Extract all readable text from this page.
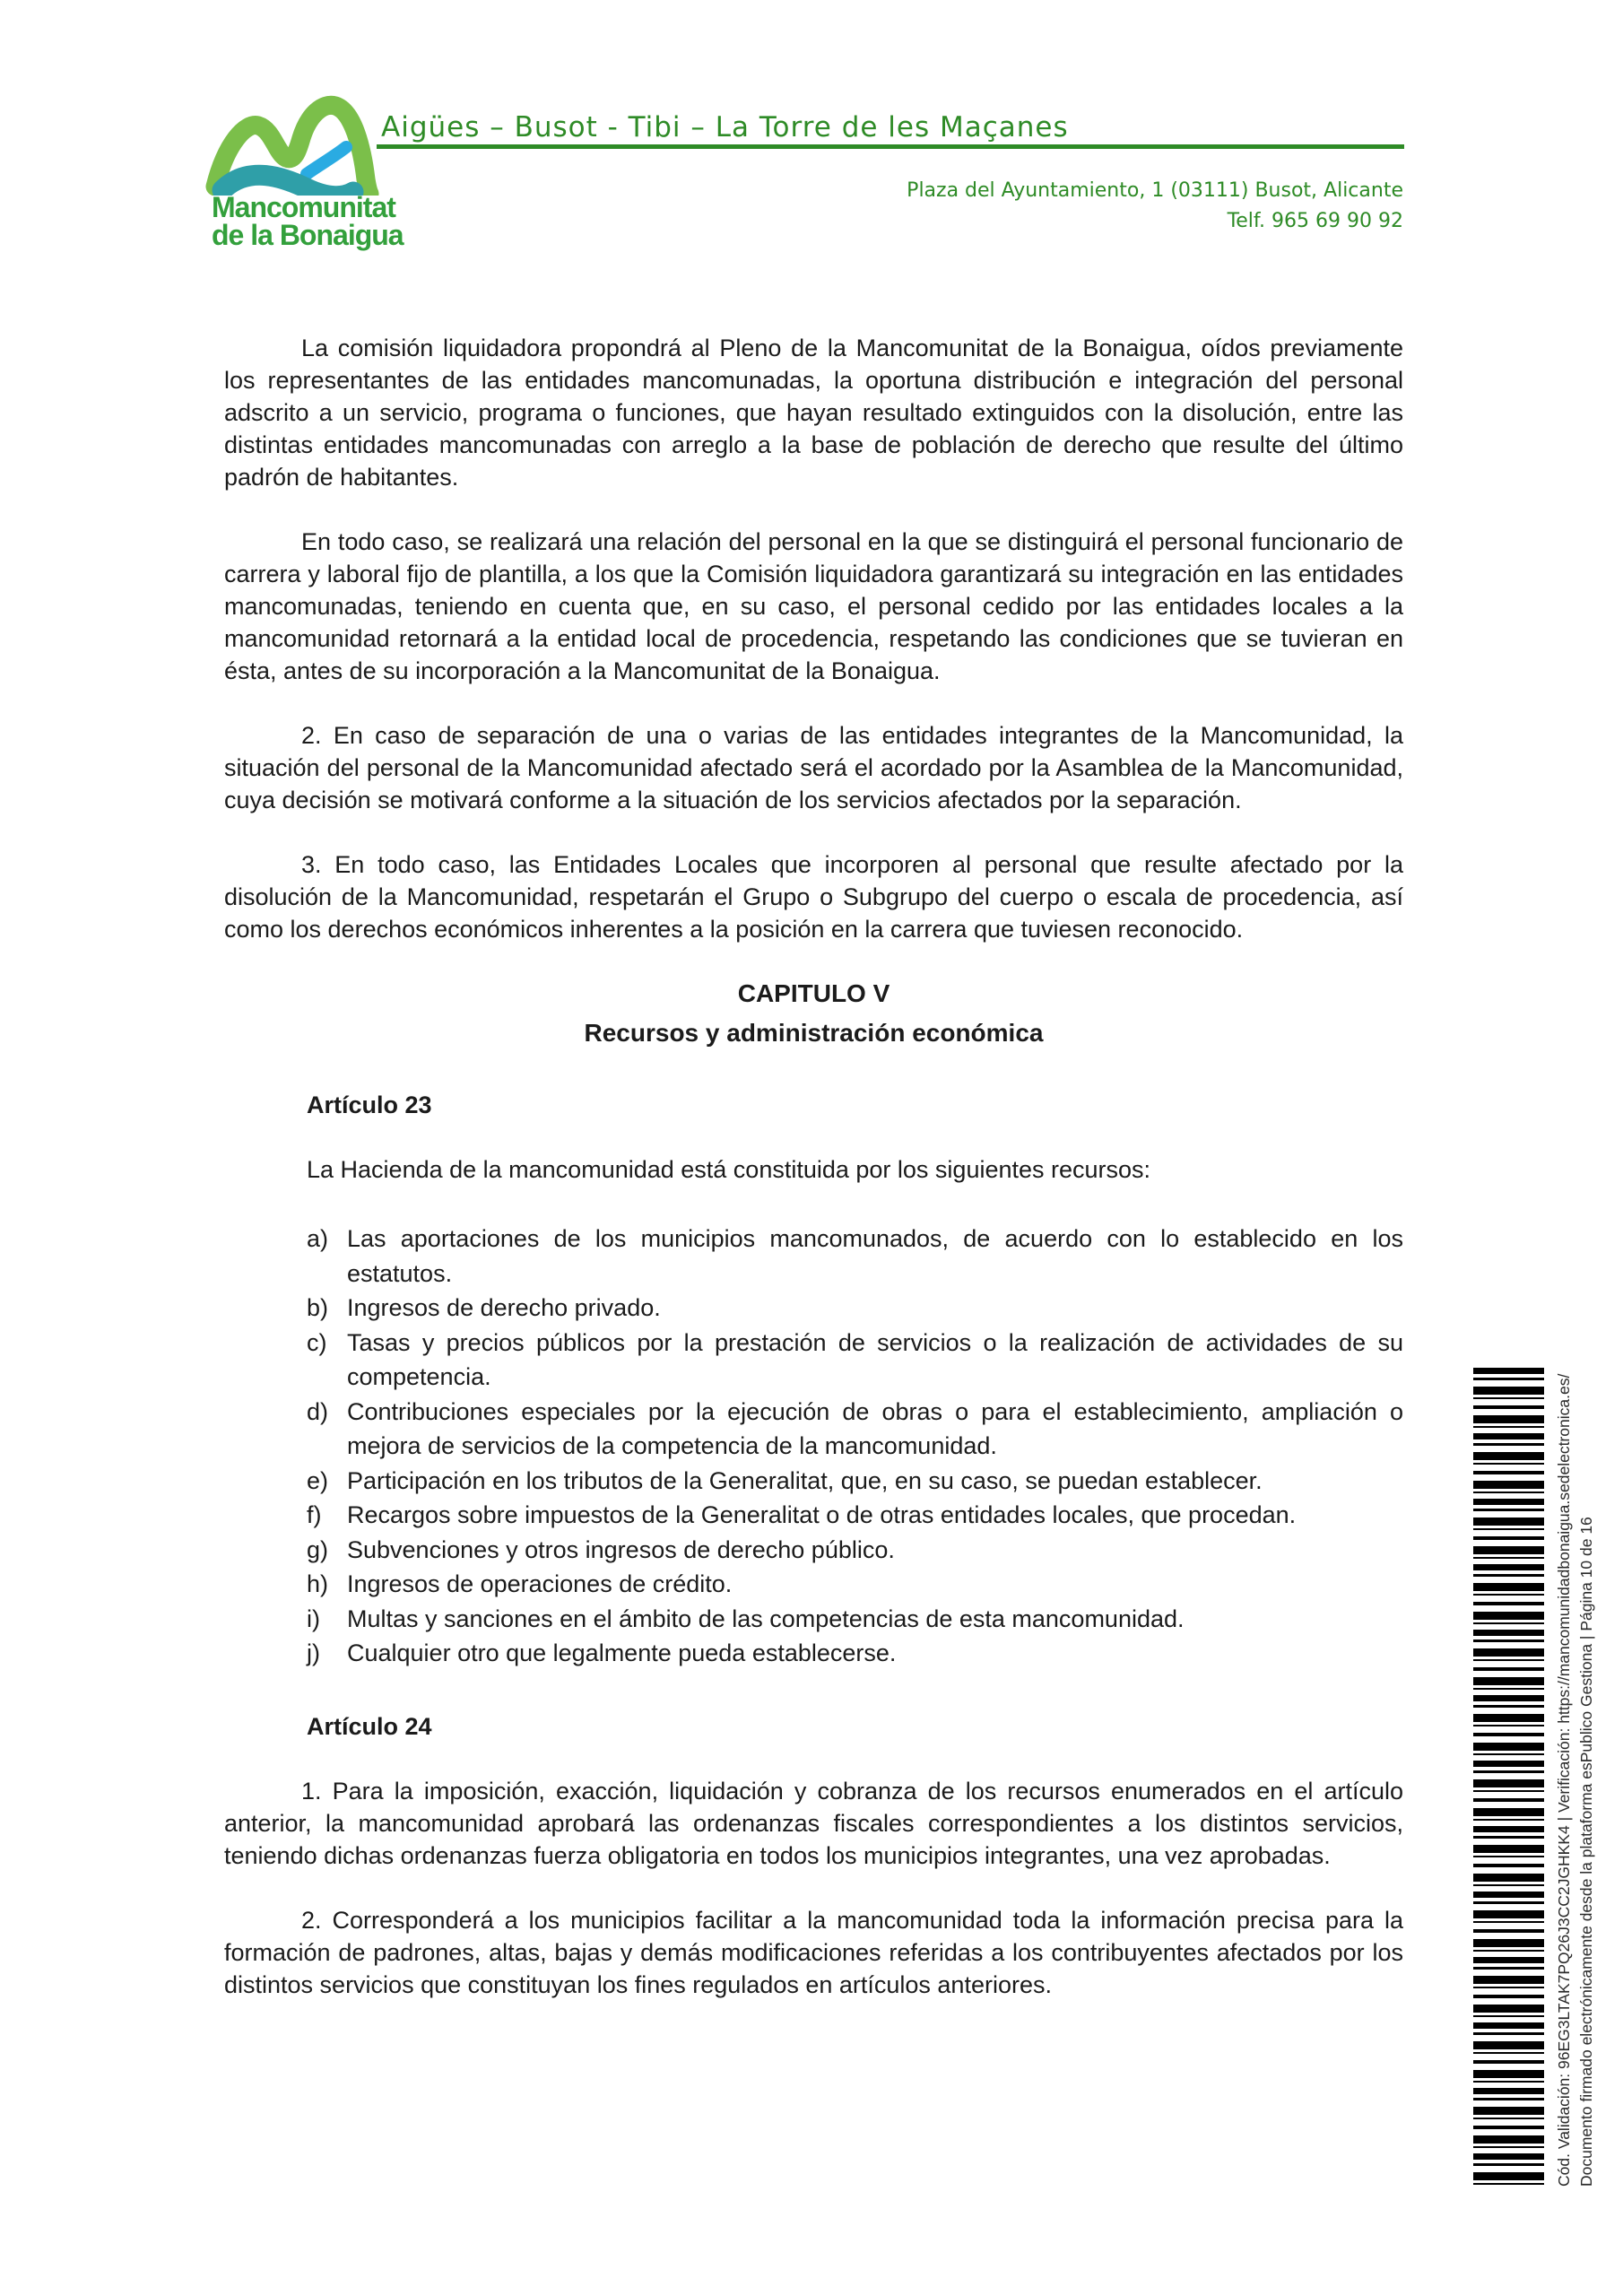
Mancomunitat
de la Bonaigua
Aigües – Busot - Tibi – La Torre de les Maçanes
Plaza del Ayuntamiento, 1 (03111) Busot, Alicante
Telf. 965 69 90 92

La comisión liquidadora propondrá al Pleno de la Mancomunitat de la Bonaigua, oídos previamente los representantes de las entidades mancomunadas, la oportuna distribución e integración del personal adscrito a un servicio, programa o funciones, que hayan resultado extinguidos con la disolución, entre las distintas entidades mancomunadas con arreglo a la base de población de derecho que resulte del último padrón de habitantes.

En todo caso, se realizará una relación del personal en la que se distinguirá el personal funcionario de carrera y laboral fijo de plantilla, a los que la Comisión liquidadora garantizará su integración en las entidades mancomunadas, teniendo en cuenta que, en su caso, el personal cedido por las entidades locales a la mancomunidad retornará a la entidad local de procedencia, respetando las condiciones que se tuvieran en ésta, antes de su incorporación a la Mancomunitat de la Bonaigua.

2. En caso de separación de una o varias de las entidades integrantes de la Mancomunidad, la situación del personal de la Mancomunidad afectado será el acordado por la Asamblea de la Mancomunidad, cuya decisión se motivará conforme a la situación de los servicios afectados por la separación.

3. En todo caso, las Entidades Locales que incorporen al personal que resulte afectado por la disolución de la Mancomunidad, respetarán el Grupo o Subgrupo del cuerpo o escala de procedencia, así como los derechos económicos inherentes a la posición en la carrera que tuviesen reconocido.

CAPITULO V

Recursos y administración económica

Artículo 23

La Hacienda de la mancomunidad está constituida por los siguientes recursos:

a) Las aportaciones de los municipios mancomunados, de acuerdo con lo establecido en los estatutos.
b) Ingresos de derecho privado.
c) Tasas y precios públicos por la prestación de servicios o la realización de actividades de su competencia.
d) Contribuciones especiales por la ejecución de obras o para el establecimiento, ampliación o mejora de servicios de la competencia de la mancomunidad.
e) Participación en los tributos de la Generalitat, que, en su caso, se puedan establecer.
f) Recargos sobre impuestos de la Generalitat o de otras entidades locales, que procedan.
g) Subvenciones y otros ingresos de derecho público.
h) Ingresos de operaciones de crédito.
i) Multas y sanciones en el ámbito de las competencias de esta mancomunidad.
j) Cualquier otro que legalmente pueda establecerse.

Artículo 24

1. Para la imposición, exacción, liquidación y cobranza de los recursos enumerados en el artículo anterior, la mancomunidad aprobará las ordenanzas fiscales correspondientes a los distintos servicios, teniendo dichas ordenanzas fuerza obligatoria en todos los municipios integrantes, una vez aprobadas.

2. Corresponderá a los municipios facilitar a la mancomunidad toda la información precisa para la formación de padrones, altas, bajas y demás modificaciones referidas a los contribuyentes afectados por los distintos servicios que constituyan los fines regulados en artículos anteriores.	Cód. Validación: 96EG3LTAK7PQ26J3CC2JGHKK4 | Verificación: https://mancomunidadbonaigua.sedelectronica.es/ Documento firmado electrónicamente desde la plataforma esPublico Gestiona | Página 10 de 16
